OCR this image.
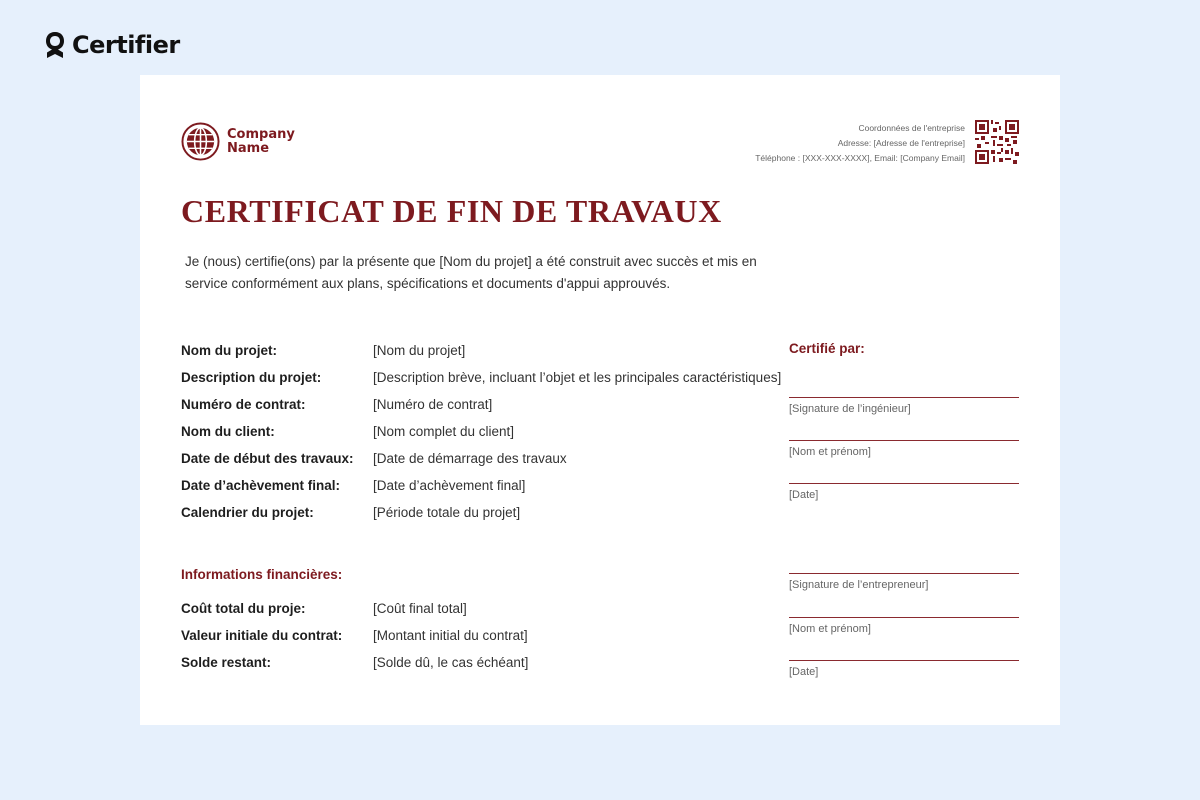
Certifier
Company Name
Coordonnées de l'entreprise
Adresse: [Adresse de l'entreprise]
Téléphone : [XXX-XXX-XXXX], Email: [Company Email]
CERTIFICAT DE FIN DE TRAVAUX

Je (nous) certifie(ons) par la présente que [Nom du projet] a été construit avec succès et mis en service conformément aux plans, spécifications et documents d'appui approuvés.

Nom du projet:	[Nom du projet]
Description du projet:	[Description brève, incluant l’objet et les principales caractéristiques]
Numéro de contrat:	[Numéro de contrat]
Nom du client:	[Nom complet du client]
Date de début des travaux:	[Date de démarrage des travaux
Date d’achèvement final:	[Date d’achèvement final]
Calendrier du projet:	[Période totale du projet]
Informations financières:
Coût total du proje:	[Coût final total]
Valeur initiale du contrat:	[Montant initial du contrat]
Solde restant:	[Solde dû, le cas échéant]
Certifié par:
[Signature de l’ingénieur]
[Nom et prénom]
[Date]
[Signature de l’entrepreneur]
[Nom et prénom]
[Date]
